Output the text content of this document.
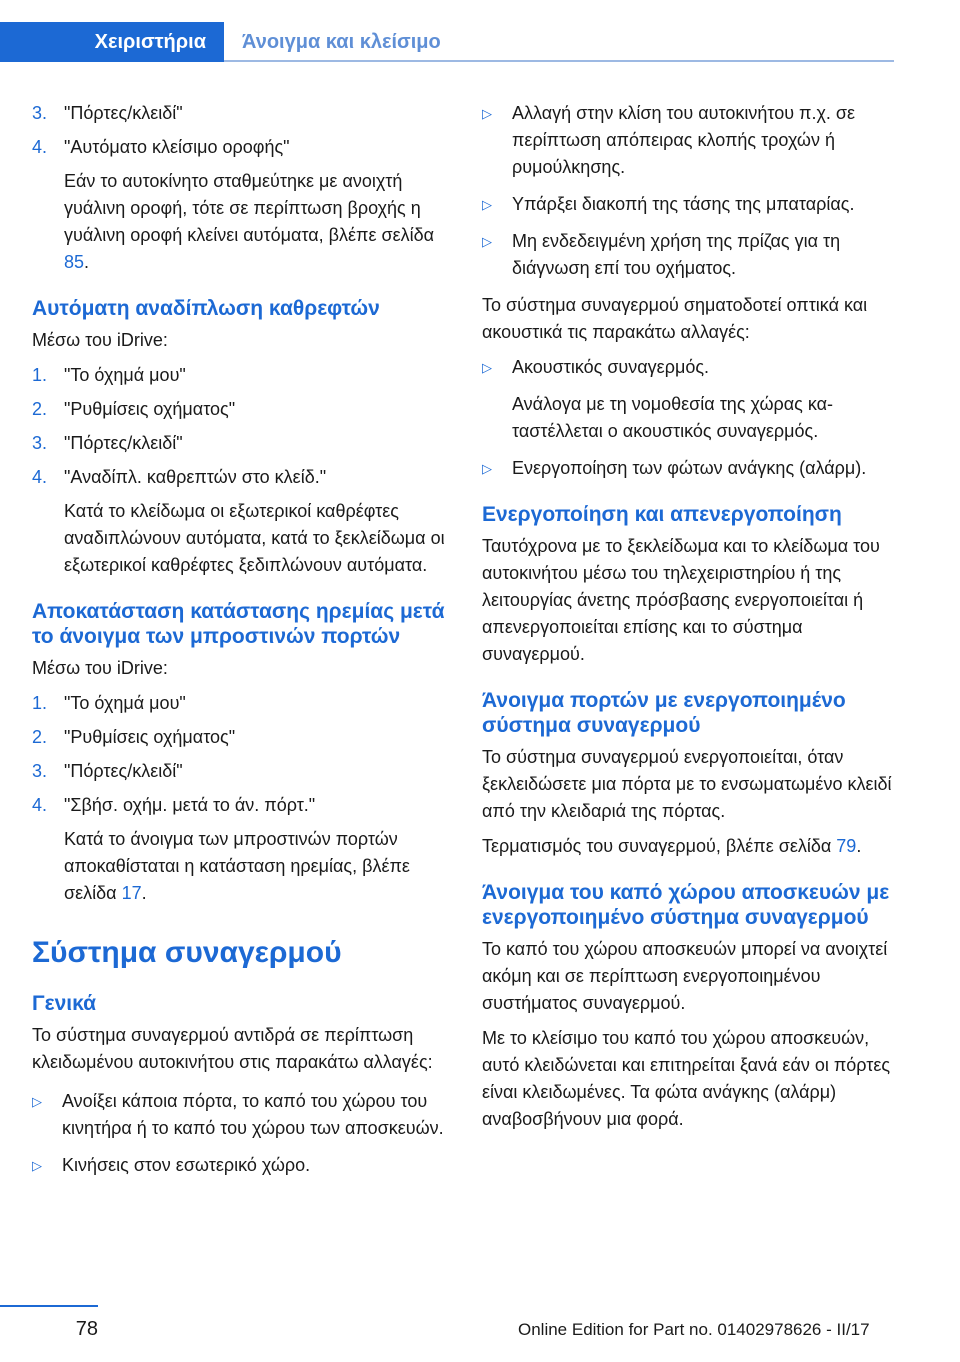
Χειριστήρια	Άνοιγμα και κλείσιμο
3. "Πόρτες/κλειδί"
4. "Αυτόματο κλείσιμο οροφής"
Εάν το αυτοκίνητο σταθμεύτηκε με ανοιχτή γυάλινη οροφή, τότε σε περίπτωση βροχής η γυάλινη οροφή κλείνει αυτόματα, βλέπε σελίδα 85.
Αυτόματη αναδίπλωση καθρεφτών

Μέσω του iDrive:

1. "Το όχημά μου"
2. "Ρυθμίσεις οχήματος"
3. "Πόρτες/κλειδί"
4. "Αναδίπλ. καθρεπτών στο κλείδ."
Κατά το κλείδωμα οι εξωτερικοί καθρέφτες αναδιπλώνουν αυτόματα, κατά το ξεκλείδωμα οι εξωτερικοί καθρέφτες ξεδιπλώνουν αυτόματα.
Αποκατάσταση κατάστασης ηρεμίας μετά το άνοιγμα των μπροστινών πορτών

Μέσω του iDrive:

1. "Το όχημά μου"
2. "Ρυθμίσεις οχήματος"
3. "Πόρτες/κλειδί"
4. "Σβήσ. οχήμ. μετά το άν. πόρτ."
Κατά το άνοιγμα των μπροστινών πορτών αποκαθίσταται η κατάσταση ηρεμίας, βλέπε σελίδα 17.
Σύστημα συναγερμού
Γενικά

Το σύστημα συναγερμού αντιδρά σε περίπτωση κλειδωμένου αυτοκινήτου στις παρακάτω αλλαγές:

▷	Ανοίξει κάποια πόρτα, το καπό του χώρου του κινητήρα ή το καπό του χώρου των αποσκευών.
▷	Κινήσεις στον εσωτερικό χώρο.
▷	Αλλαγή στην κλίση του αυτοκινήτου π.χ. σε περίπτωση απόπειρας κλοπής τροχών ή ρυμούλκησης.
▷	Υπάρξει διακοπή της τάσης της μπαταρίας.
▷	Μη ενδεδειγμένη χρήση της πρίζας για τη διάγνωση επί του οχήματος.

Το σύστημα συναγερμού σηματοδοτεί οπτικά και ακουστικά τις παρακάτω αλλαγές:

▷	Ακουστικός συναγερμός.
Ανάλογα με τη νομοθεσία της χώρας καταστέλλεται ο ακουστικός συναγερμός.
▷	Ενεργοποίηση των φώτων ανάγκης (αλάρμ).
Ενεργοποίηση και απενεργοποίηση

Ταυτόχρονα με το ξεκλείδωμα και το κλείδωμα του αυτοκινήτου μέσω του τηλεχειριστηρίου ή της λειτουργίας άνετης πρόσβασης ενεργοποιείται ή απενεργοποιείται επίσης και το σύστημα συναγερμού.

Άνοιγμα πορτών με ενεργοποιημένο σύστημα συναγερμού

Το σύστημα συναγερμού ενεργοποιείται, όταν ξεκλειδώσετε μια πόρτα με το ενσωματωμένο κλειδί από την κλειδαριά της πόρτας.

Τερματισμός του συναγερμού, βλέπε σελίδα 79.

Άνοιγμα του καπό χώρου αποσκευών με ενεργοποιημένο σύστημα συναγερμού

Το καπό του χώρου αποσκευών μπορεί να ανοιχτεί ακόμη και σε περίπτωση ενεργοποιημένου συστήματος συναγερμού.

Με το κλείσιμο του καπό του χώρου αποσκευών, αυτό κλειδώνεται και επιτηρείται ξανά εάν οι πόρτες είναι κλειδωμένες. Τα φώτα ανάγκης (αλάρμ) αναβοσβήνουν μια φορά.

78	Online Edition for Part no. 01402978626 - II/17
